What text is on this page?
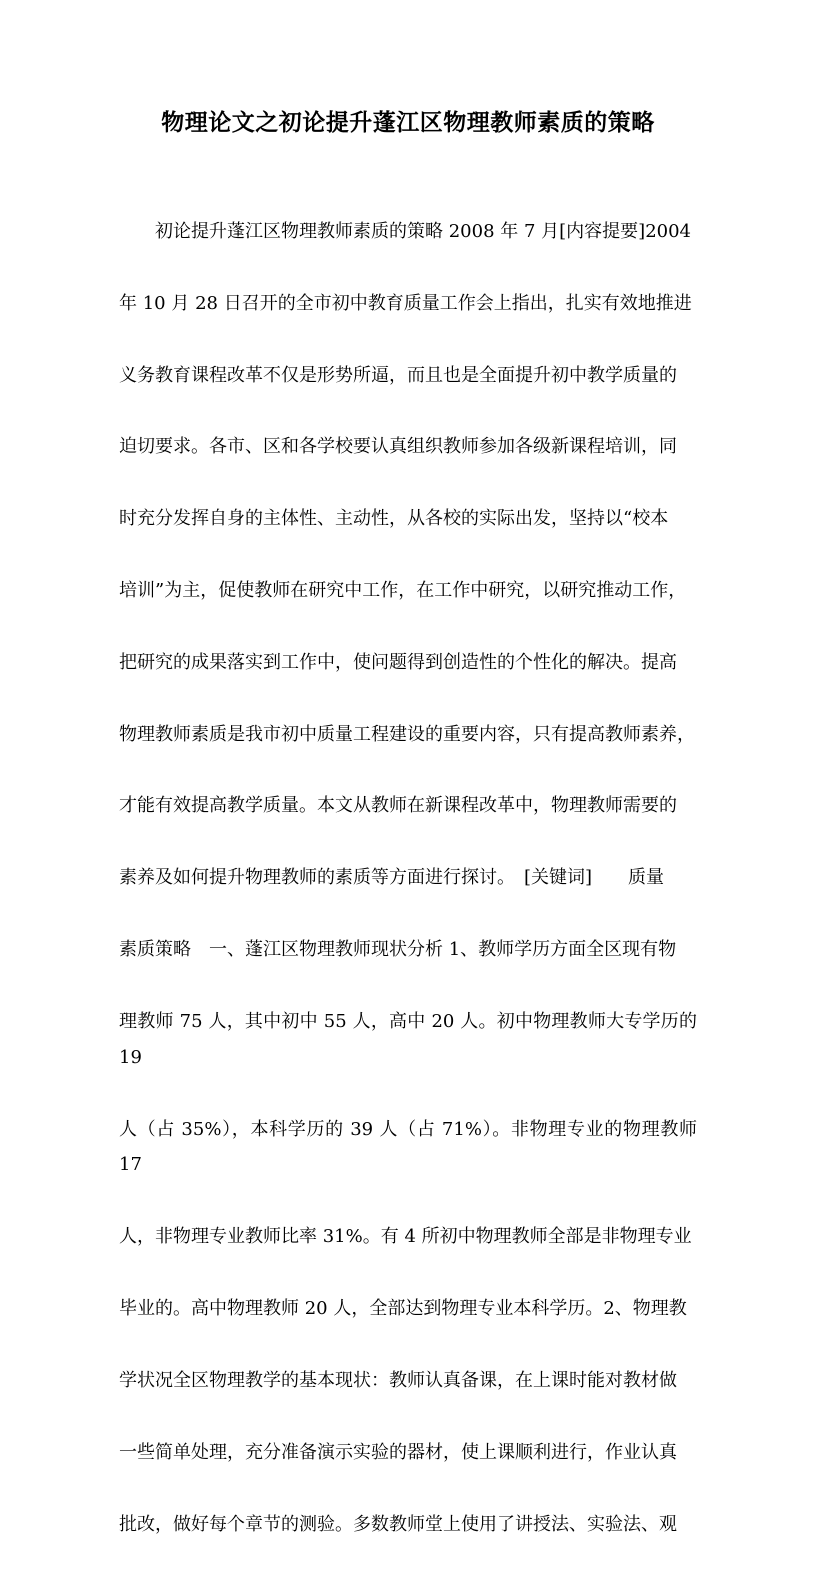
物理论文之初论提升蓬江区物理教师素质的策略

　　初论提升蓬江区物理教师素质的策略 2008 年 7 月[内容提要]2004

年 10 月 28 日召开的全市初中教育质量工作会上指出，扎实有效地推进

义务教育课程改革不仅是形势所逼，而且也是全面提升初中教学质量的

迫切要求。各市、区和各学校要认真组织教师参加各级新课程培训，同

时充分发挥自身的主体性、主动性，从各校的实际出发，坚持以“校本

培训”为主，促使教师在研究中工作，在工作中研究，以研究推动工作，

把研究的成果落实到工作中，使问题得到创造性的个性化的解决。提高

物理教师素质是我市初中质量工程建设的重要内容，只有提高教师素养，

才能有效提高教学质量。本文从教师在新课程改革中，物理教师需要的

素养及如何提升物理教师的素质等方面进行探讨。　[关键词]　　质量

素质策略　一、蓬江区物理教师现状分析 1、教师学历方面全区现有物

理教师 75 人，其中初中 55 人，高中 20 人。初中物理教师大专学历的 19

人（占 35%），本科学历的 39 人（占 71%）。非物理专业的物理教师 17

人，非物理专业教师比率 31%。有 4 所初中物理教师全部是非物理专业

毕业的。高中物理教师 20 人，全部达到物理专业本科学历。2、物理教

学状况全区物理教学的基本现状：教师认真备课，在上课时能对教材做

一些简单处理，充分准备演示实验的器材，使上课顺利进行，作业认真

批改，做好每个章节的测验。多数教师堂上使用了讲授法、实验法、观
